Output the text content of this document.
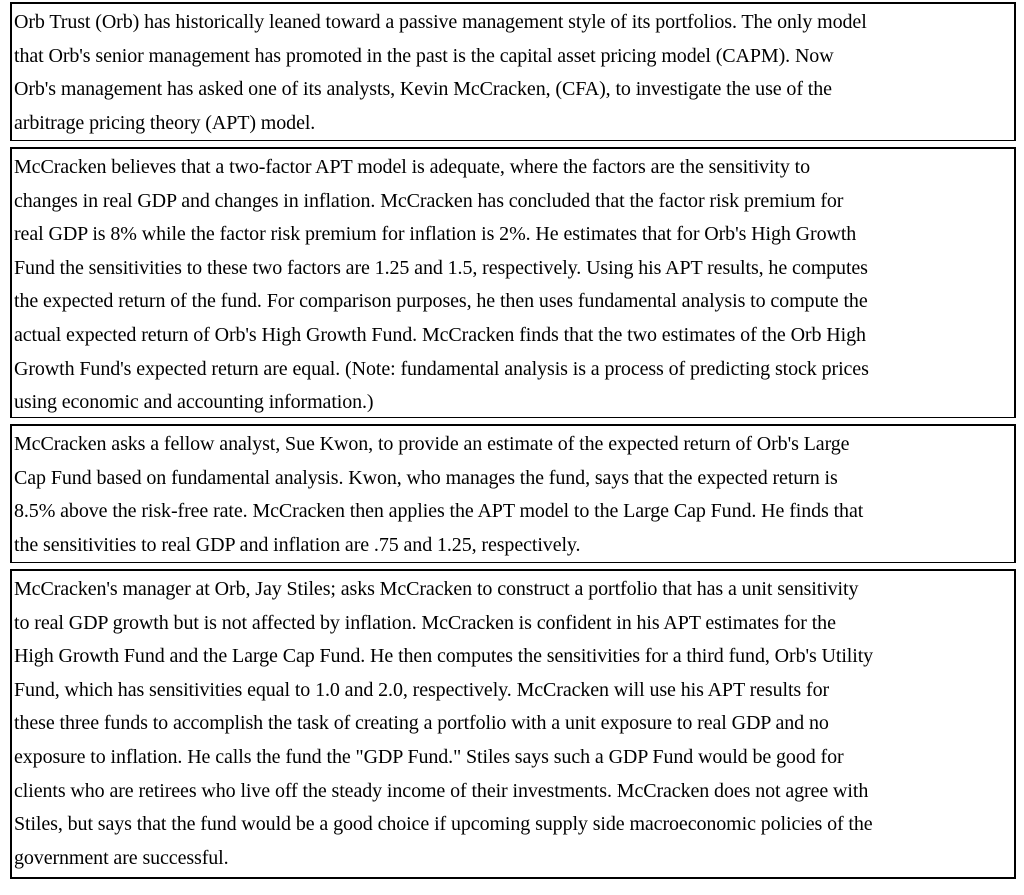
Orb Trust (Orb) has historically leaned toward a passive management style of its portfolios. The only model
that Orb's senior management has promoted in the past is the capital asset pricing model (CAPM). Now
Orb's management has asked one of its analysts, Kevin McCracken, (CFA), to investigate the use of the
arbitrage pricing theory (APT) model.
McCracken believes that a two-factor APT model is adequate, where the factors are the sensitivity to
changes in real GDP and changes in inflation. McCracken has concluded that the factor risk premium for
real GDP is 8% while the factor risk premium for inflation is 2%. He estimates that for Orb's High Growth
Fund the sensitivities to these two factors are 1.25 and 1.5, respectively. Using his APT results, he computes
the expected return of the fund. For comparison purposes, he then uses fundamental analysis to compute the
actual expected return of Orb's High Growth Fund. McCracken finds that the two estimates of the Orb High
Growth Fund's expected return are equal. (Note: fundamental analysis is a process of predicting stock prices
using economic and accounting information.)
McCracken asks a fellow analyst, Sue Kwon, to provide an estimate of the expected return of Orb's Large
Cap Fund based on fundamental analysis. Kwon, who manages the fund, says that the expected return is
8.5% above the risk-free rate. McCracken then applies the APT model to the Large Cap Fund. He finds that
the sensitivities to real GDP and inflation are .75 and 1.25, respectively.
McCracken's manager at Orb, Jay Stiles; asks McCracken to construct a portfolio that has a unit sensitivity
to real GDP growth but is not affected by inflation. McCracken is confident in his APT estimates for the
High Growth Fund and the Large Cap Fund. He then computes the sensitivities for a third fund, Orb's Utility
Fund, which has sensitivities equal to 1.0 and 2.0, respectively. McCracken will use his APT results for
these three funds to accomplish the task of creating a portfolio with a unit exposure to real GDP and no
exposure to inflation. He calls the fund the "GDP Fund." Stiles says such a GDP Fund would be good for
clients who are retirees who live off the steady income of their investments. McCracken does not agree with
Stiles, but says that the fund would be a good choice if upcoming supply side macroeconomic policies of the
government are successful.
